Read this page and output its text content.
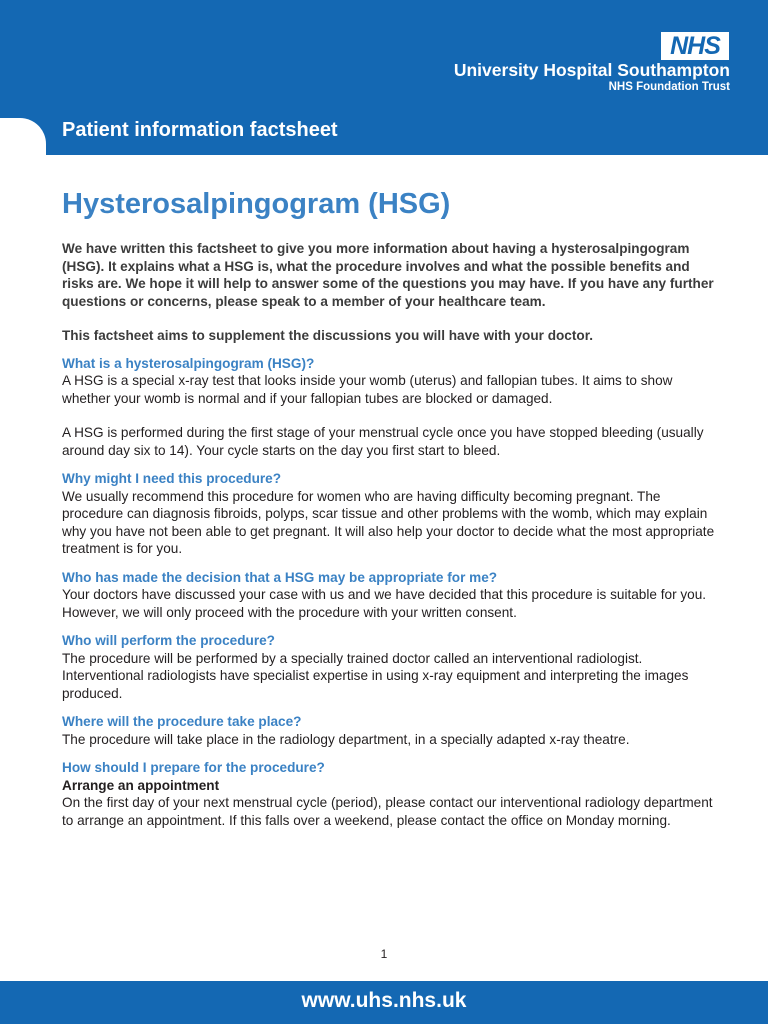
NHS
University Hospital Southampton
NHS Foundation Trust
Patient information factsheet
Hysterosalpingogram (HSG)

We have written this factsheet to give you more information about having a hysterosalpingogram (HSG). It explains what a HSG is, what the procedure involves and what the possible benefits and risks are. We hope it will help to answer some of the questions you may have. If you have any further questions or concerns, please speak to a member of your healthcare team.

This factsheet aims to supplement the discussions you will have with your doctor.

What is a hysterosalpingogram (HSG)?

A HSG is a special x-ray test that looks inside your womb (uterus) and fallopian tubes. It aims to show whether your womb is normal and if your fallopian tubes are blocked or damaged.

A HSG is performed during the first stage of your menstrual cycle once you have stopped bleeding (usually around day six to 14). Your cycle starts on the day you first start to bleed.

Why might I need this procedure?

We usually recommend this procedure for women who are having difficulty becoming pregnant. The procedure can diagnosis fibroids, polyps, scar tissue and other problems with the womb, which may explain why you have not been able to get pregnant. It will also help your doctor to decide what the most appropriate treatment is for you.

Who has made the decision that a HSG may be appropriate for me?

Your doctors have discussed your case with us and we have decided that this procedure is suitable for you. However, we will only proceed with the procedure with your written consent.

Who will perform the procedure?

The procedure will be performed by a specially trained doctor called an interventional radiologist. Interventional radiologists have specialist expertise in using x-ray equipment and interpreting the images produced.

Where will the procedure take place?

The procedure will take place in the radiology department, in a specially adapted x-ray theatre.

How should I prepare for the procedure?

Arrange an appointment

On the first day of your next menstrual cycle (period), please contact our interventional radiology department to arrange an appointment. If this falls over a weekend, please contact the office on Monday morning.

1
www.uhs.nhs.uk
